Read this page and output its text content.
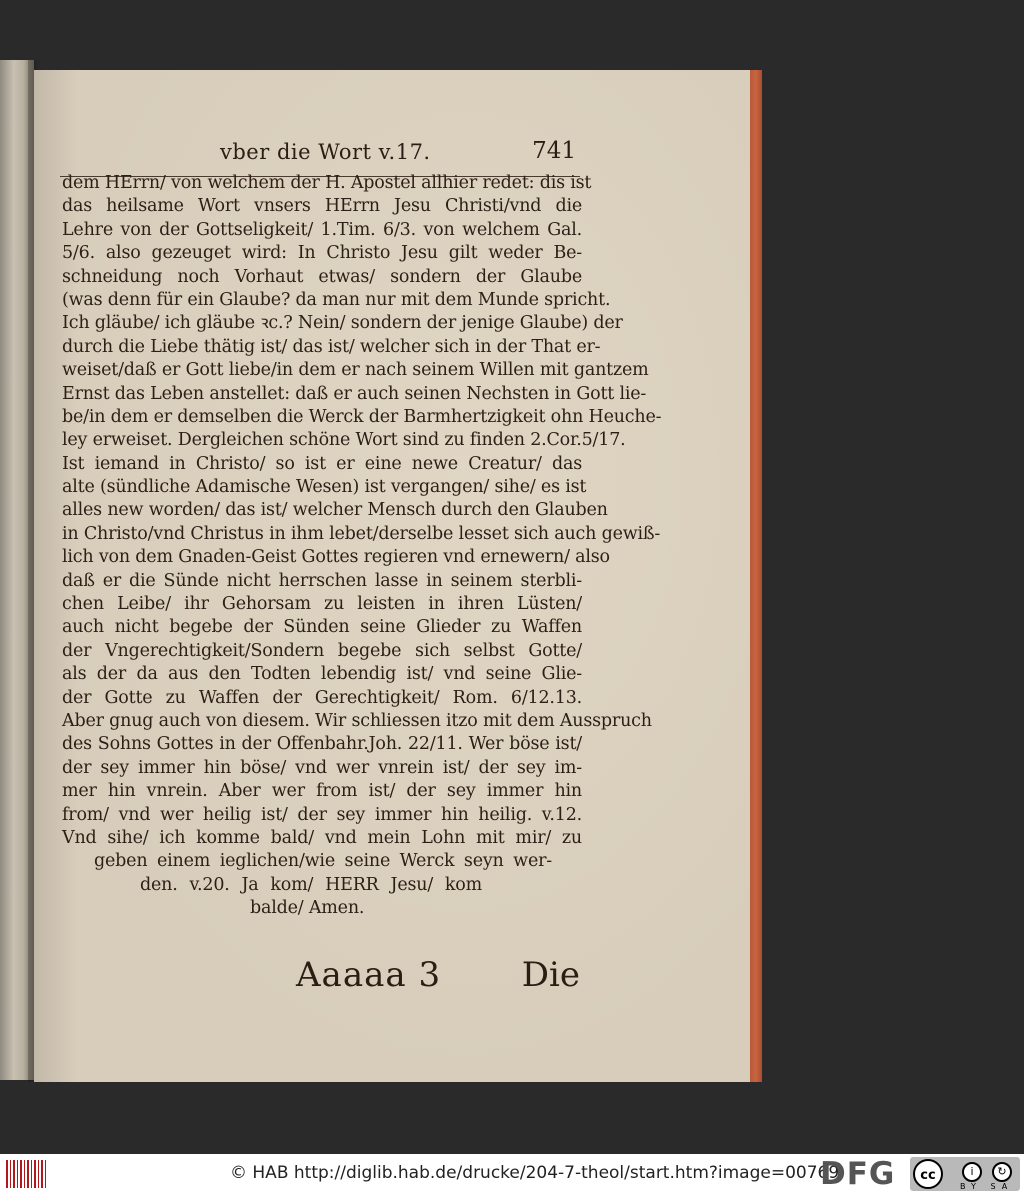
vber die Wort v.17.	741
dem HErrn/ von welchem der H. Apostel allhier redet: dis ist
das heilsame Wort vnsers HErrn Jesu Christi/vnd die
Lehre von der Gottseligkeit/ 1.Tim. 6/3. von welchem Gal.
5/6. also gezeuget wird: In Christo Jesu gilt weder Be-
schneidung noch Vorhaut etwas/ sondern der Glaube
(was denn für ein Glaube? da man nur mit dem Munde spricht.
Ich gläube/ ich gläube ꝛc.? Nein/ sondern der jenige Glaube) der
durch die Liebe thätig ist/ das ist/ welcher sich in der That er-
weiset/daß er Gott liebe/in dem er nach seinem Willen mit gantzem
Ernst das Leben anstellet: daß er auch seinen Nechsten in Gott lie-
be/in dem er demselben die Werck der Barmhertzigkeit ohn Heuche-
ley erweiset. Dergleichen schöne Wort sind zu finden 2.Cor.5/17.
Ist iemand in Christo/ so ist er eine newe Creatur/ das
alte (sündliche Adamische Wesen) ist vergangen/ sihe/ es ist
alles new worden/ das ist/ welcher Mensch durch den Glauben
in Christo/vnd Christus in ihm lebet/derselbe lesset sich auch gewiß-
lich von dem Gnaden-Geist Gottes regieren vnd ernewern/ also
daß er die Sünde nicht herrschen lasse in seinem sterbli-
chen Leibe/ ihr Gehorsam zu leisten in ihren Lüsten/
auch nicht begebe der Sünden seine Glieder zu Waffen
der Vngerechtigkeit/Sondern begebe sich selbst Gotte/
als der da aus den Todten lebendig ist/ vnd seine Glie-
der Gotte zu Waffen der Gerechtigkeit/ Rom. 6/12.13.
Aber gnug auch von diesem. Wir schliessen itzo mit dem Ausspruch
des Sohns Gottes in der Offenbahr.Joh. 22/11. Wer böse ist/
der sey immer hin böse/ vnd wer vnrein ist/ der sey im-
mer hin vnrein. Aber wer from ist/ der sey immer hin
from/ vnd wer heilig ist/ der sey immer hin heilig. v.12.
Vnd sihe/ ich komme bald/ vnd mein Lohn mit mir/ zu
geben einem ieglichen/wie seine Werck seyn wer-
den. v.20. Ja kom/ HERR Jesu/ kom
balde/ Amen.
Aaaaa 3 Die
© HAB http://diglib.hab.de/drucke/204-7-theol/start.htm?image=00769
DFG	cc	i	↻
BY SA
